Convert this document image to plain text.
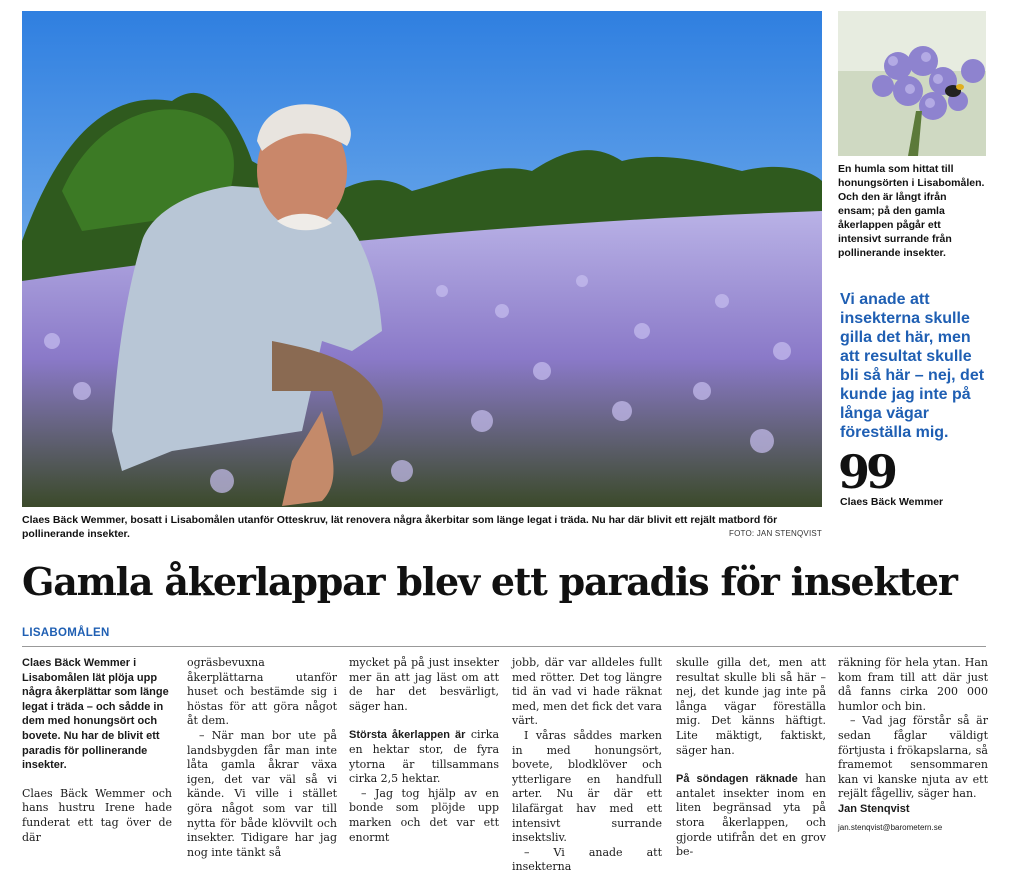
En humla som hittat till honungsörten i Lisabomålen. Och den är långt ifrån ensam; på den gamla åkerlappen pågår ett intensivt surrande från pollinerande insekter.
Vi anade att insekterna skulle gilla det här, men att resultat skulle bli så här – nej, det kunde jag inte på långa vägar föreställa mig.
99
Claes Bäck Wemmer
Claes Bäck Wemmer, bosatt i Lisabomålen utanför Otteskruv, lät renovera några åkerbitar som länge legat i träda. Nu har där blivit ett rejält matbord för pollinerande insekter.	FOTO: JAN STENQVIST
Gamla åkerlappar blev ett paradis för insekter
LISABOMÅLEN

Claes Bäck Wemmer i Lisabomålen lät plöja upp några åkerplättar som länge legat i träda – och sådde in dem med honungsört och bovete. Nu har de blivit ett paradis för pollinerande insekter.

Claes Bäck Wemmer och hans hustru Irene hade funderat ett tag över de där

ogräsbevuxna åkerplättarna utanför huset och bestämde sig i höstas för att göra något åt dem.

– När man bor ute på landsbygden får man inte låta gamla åkrar växa igen, det var väl så vi kände. Vi ville i stället göra något som var till nytta för både klövvilt och insekter. Tidigare har jag nog inte tänkt så

mycket på på just insekter mer än att jag läst om att de har det besvärligt, säger han.

Största åkerlappen är cirka en hektar stor, de fyra ytorna är tillsammans cirka 2,5 hektar.

– Jag tog hjälp av en bonde som plöjde upp marken och det var ett enormt

jobb, där var alldeles fullt med rötter. Det tog längre tid än vad vi hade räknat med, men det fick det vara värt.

I våras såddes marken in med honungsört, bovete, blodklöver och ytterligare en handfull arter. Nu är där ett lilafärgat hav med ett intensivt surrande insektsliv.

– Vi anade att insekterna

skulle gilla det, men att resultat skulle bli så här –nej, det kunde jag inte på långa vägar föreställa mig. Det känns häftigt. Lite mäktigt, faktiskt, säger han.

På söndagen räknade han antalet insekter inom en liten begränsad yta på stora åkerlappen, och gjorde utifrån det en grov be-

räkning för hela ytan. Han kom fram till att där just då fanns cirka 200 000 humlor och bin.

– Vad jag förstår så är sedan fåglar väldigt förtjusta i frökapslarna, så framemot sensommaren kan vi kanske njuta av ett rejält fågelliv, säger han.

Jan Stenqvist

jan.stenqvist@barometern.se
